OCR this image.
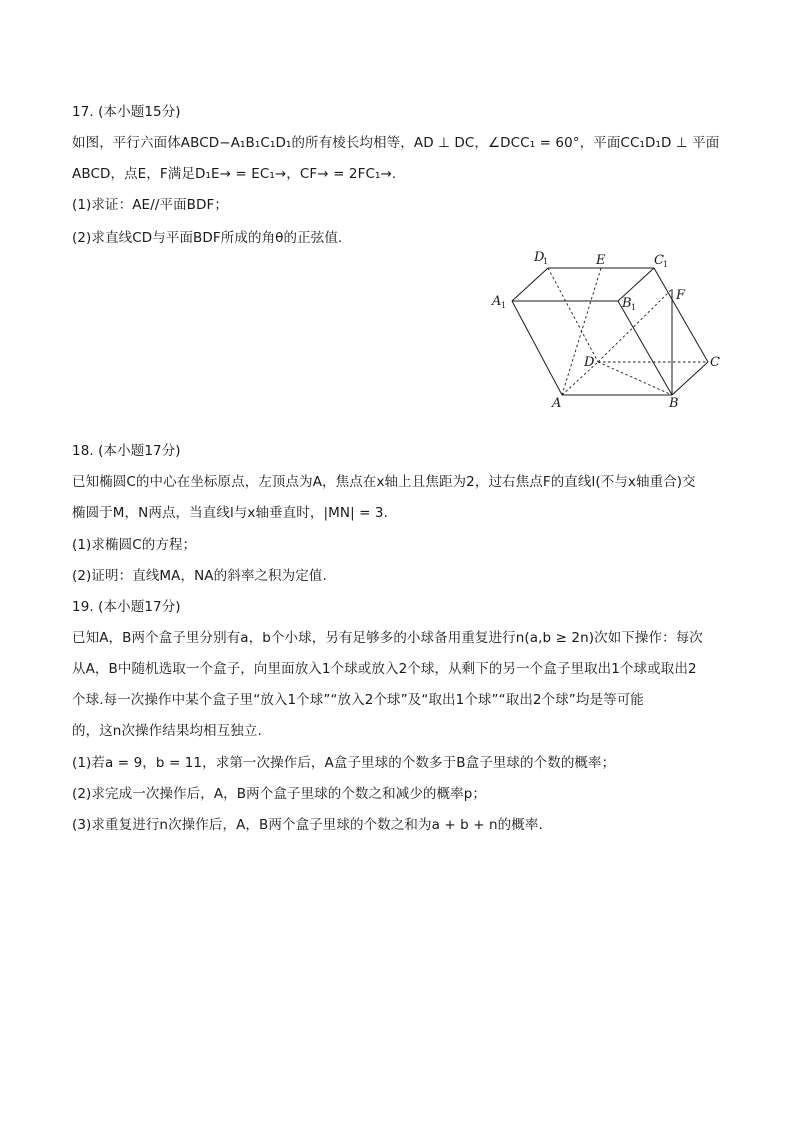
17. (本小题15分)
如图，平行六面体ABCD−A₁B₁C₁D₁的所有棱长均相等，AD ⊥ DC，∠DCC₁ = 60°，平面CC₁D₁D ⊥ 平面
ABCD，点E，F满足D₁E→ = EC₁→，CF→ = 2FC₁→.
(1)求证：AE//平面BDF；
(2)求直线CD与平面BDF所成的角θ的正弦值.
D
1	E	C 1
A 1	B 1
F
D	C
A	B
18. (本小题17分)
已知椭圆C的中心在坐标原点，左顶点为A，焦点在x轴上且焦距为2，过右焦点F的直线l(不与x轴重合)交
椭圆于M，N两点，当直线l与x轴垂直时，|MN| = 3.
(1)求椭圆C的方程；
(2)证明：直线MA，NA的斜率之积为定值.
19. (本小题17分)
已知A，B两个盒子里分别有a，b个小球，另有足够多的小球备用重复进行n(a,b ≥ 2n)次如下操作：每次
从A，B中随机选取一个盒子，向里面放入1个球或放入2个球，从剩下的另一个盒子里取出1个球或取出2
个球.每一次操作中某个盒子里“放入1个球”“放入2个球”及“取出1个球”“取出2个球”均是等可能
的，这n次操作结果均相互独立.
(1)若a = 9，b = 11，求第一次操作后，A盒子里球的个数多于B盒子里球的个数的概率；
(2)求完成一次操作后，A，B两个盒子里球的个数之和减少的概率p；
(3)求重复进行n次操作后，A，B两个盒子里球的个数之和为a + b + n的概率.
